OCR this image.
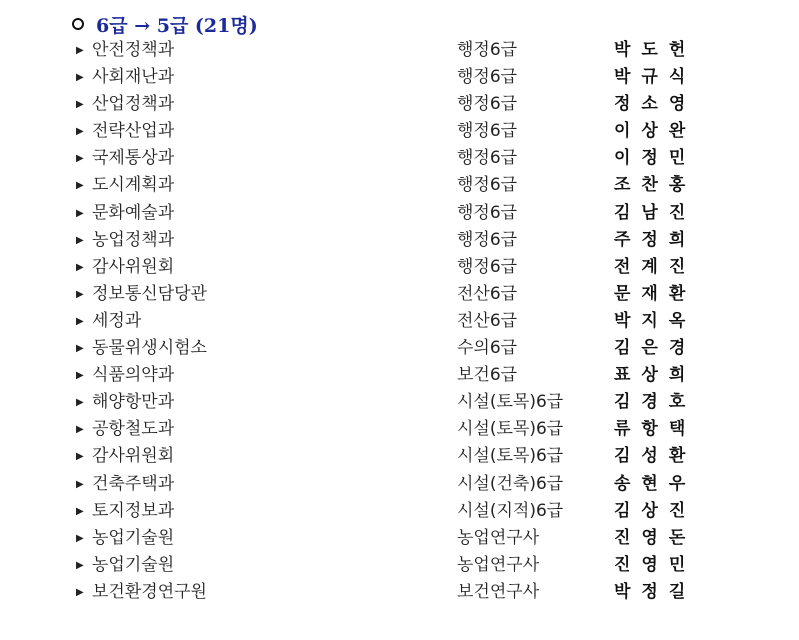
6급 → 5급 (21명)
▶ 안전정책과	행정6급	박도헌
▶ 사회재난과	행정6급	박규식
▶ 산업정책과	행정6급	정소영
▶ 전략산업과	행정6급	이상완
▶ 국제통상과	행정6급	이정민
▶ 도시계획과	행정6급	조찬홍
▶ 문화예술과	행정6급	김남진
▶ 농업정책과	행정6급	주정희
▶ 감사위원회	행정6급	전계진
▶ 정보통신담당관	전산6급	문재환
▶ 세정과	전산6급	박지옥
▶ 동물위생시험소	수의6급	김은경
▶ 식품의약과	보건6급	표상희
▶ 해양항만과	시설(토목)6급	김경호
▶ 공항철도과	시설(토목)6급	류항택
▶ 감사위원회	시설(토목)6급	김성환
▶ 건축주택과	시설(건축)6급	송현우
▶ 토지정보과	시설(지적)6급	김상진
▶ 농업기술원	농업연구사	진영돈
▶ 농업기술원	농업연구사	진영민
▶ 보건환경연구원	보건연구사	박정길
